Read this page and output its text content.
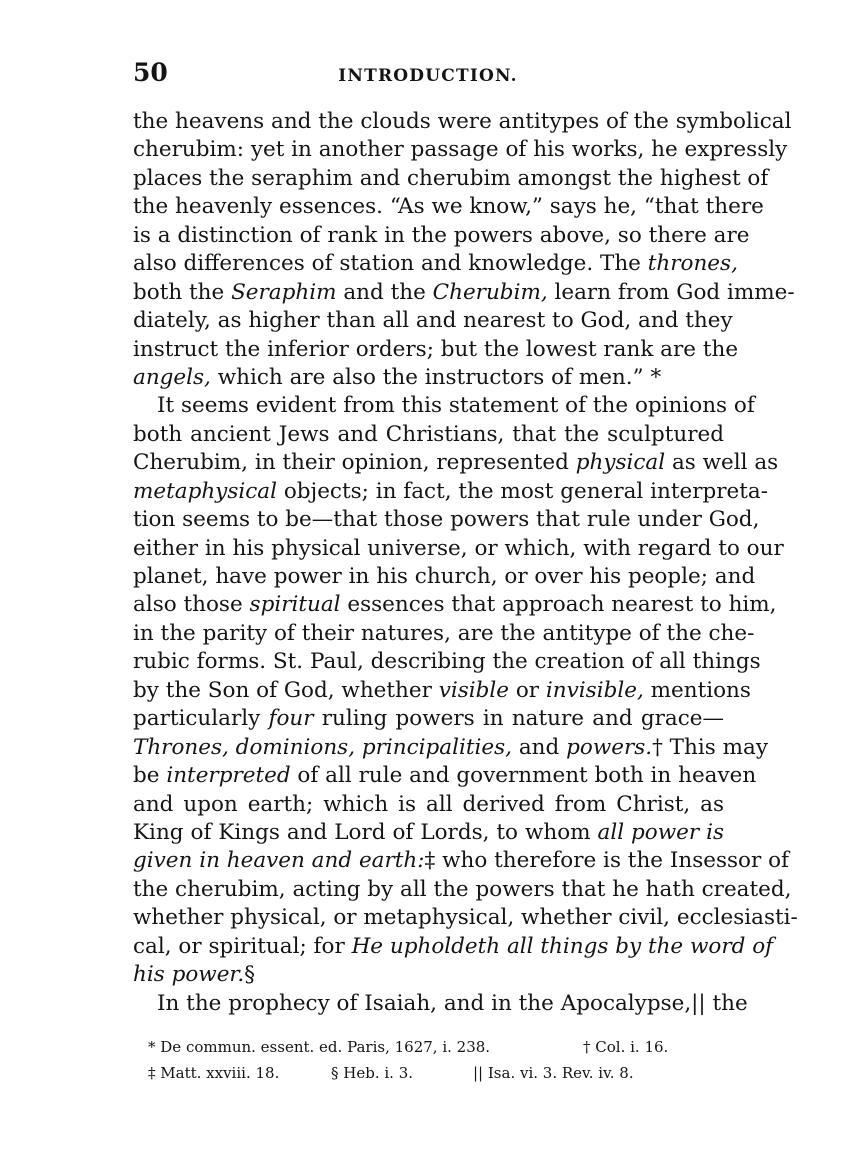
50	INTRODUCTION.
the heavens and the clouds were antitypes of the symbolical
cherubim: yet in another passage of his works, he expressly
places the seraphim and cherubim amongst the highest of
the heavenly essences. “As we know,” says he, “that there
is a distinction of rank in the powers above, so there are
also differences of station and knowledge. The thrones,
both the Seraphim and the Cherubim, learn from God imme-
diately, as higher than all and nearest to God, and they
instruct the inferior orders; but the lowest rank are the
angels, which are also the instructors of men.” *
It seems evident from this statement of the opinions of
both ancient Jews and Christians, that the sculptured
Cherubim, in their opinion, represented physical as well as
metaphysical objects; in fact, the most general interpreta-
tion seems to be—that those powers that rule under God,
either in his physical universe, or which, with regard to our
planet, have power in his church, or over his people; and
also those spiritual essences that approach nearest to him,
in the parity of their natures, are the antitype of the che-
rubic forms. St. Paul, describing the creation of all things
by the Son of God, whether visible or invisible, mentions
particularly four ruling powers in nature and grace—
Thrones, dominions, principalities, and powers.† This may
be interpreted of all rule and government both in heaven
and upon earth; which is all derived from Christ, as
King of Kings and Lord of Lords, to whom all power is
given in heaven and earth:‡ who therefore is the Insessor of
the cherubim, acting by all the powers that he hath created,
whether physical, or metaphysical, whether civil, ecclesiasti-
cal, or spiritual; for He upholdeth all things by the word of
his power.§
In the prophecy of Isaiah, and in the Apocalypse,|| the
* De commun. essent. ed. Paris, 1627, i. 238.	† Col. i. 16.
‡ Matt. xxviii. 18.	§ Heb. i. 3.	|| Isa. vi. 3. Rev. iv. 8.
